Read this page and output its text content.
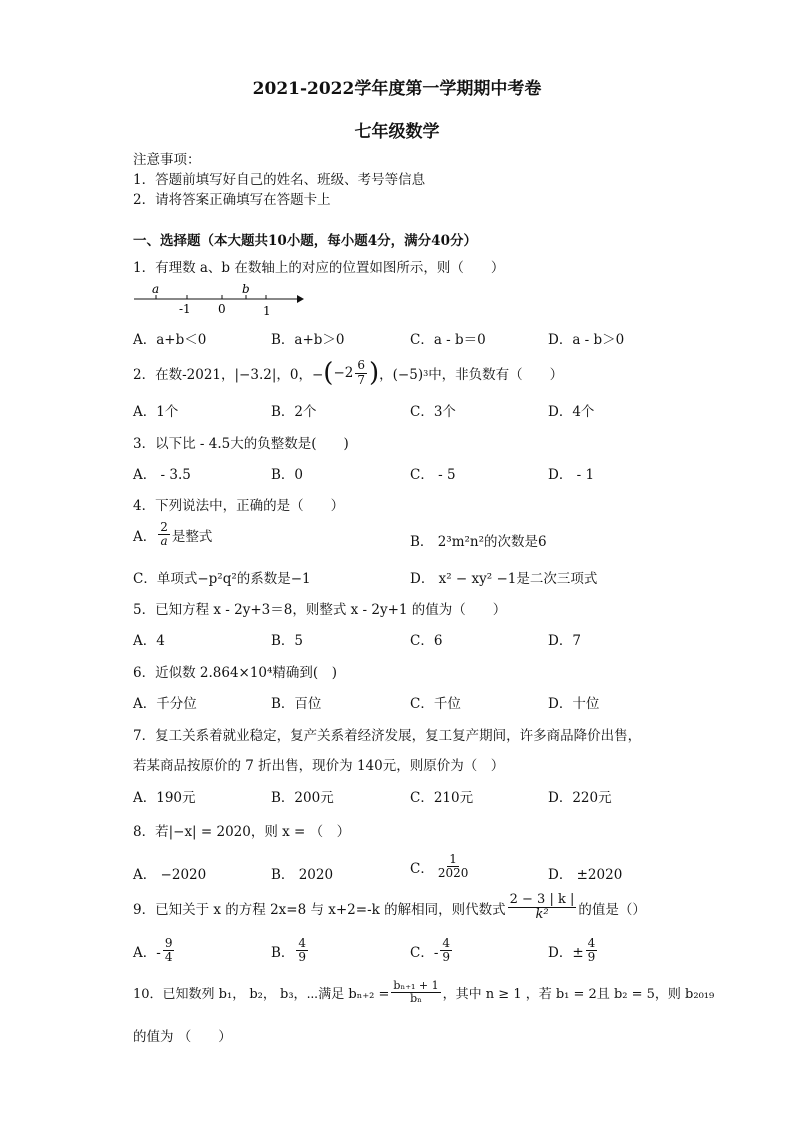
2021-2022学年度第一学期期中考卷
七年级数学
注意事项：
1．答题前填写好自己的姓名、班级、考号等信息
2．请将答案正确填写在答题卡上
一、选择题（本大题共10小题，每小题4分，满分40分）
1．有理数 a、b 在数轴上的对应的位置如图所示，则（　　）
a	b
-1 0	1
A．a+b＜0	B．a+b＞0	C．a - b＝0	D．a - b＞0
2．在数-2021，|−3.2|，0，− ( $-2 \frac{6}{7}$ ) ，(−5) 3 中，非负数有（　　）
A．1个	B．2个	C．3个	D．4个
3．以下比 - 4.5大的负整数是(　　)
A． - 3.5	B．0	C． - 5	D． - 1
4．下列说法中，正确的是（　　）
A． $\frac{2}{a}$ 是整式	B． 2³m²n²的次数是6
C．单项式−p²q²的系数是−1	D． x² − xy² −1是二次三项式
5．已知方程 x - 2y+3＝8，则整式 x - 2y+1 的值为（　　）
A．4	B．5	C．6	D．7
6．近似数 2.864×10⁴精确到(　)
A．千分位	B．百位	C．千位	D．十位
7．复工关系着就业稳定，复产关系着经济发展，复工复产期间，许多商品降价出售，
若某商品按原价的 7 折出售，现价为 140元，则原价为（　）
A．190元	B．200元	C．210元	D．220元
8．若|−x| = 2020，则 x = （　）
A． −2020	B． 2020	C． $\frac{1}{2020}$	D． ±2020
9．已知关于 x 的方程 2x=8 与 x+2=-k 的解相同，则代数式 $\frac{2 - 3 | k |}{\text{k²}}$ 的值是（）
A．- $\frac{9}{4}$	B． $\frac{4}{9}$	C．- $\frac{4}{9}$	D．± $\frac{4}{9}$
10．已知数列 b₁， b₂， b₃，⋯满足 $b_{n+2} = \frac{\text{bₙ₊₁ + 1}}{\text{bₙ}}$ ，其中 n ≥ 1 ，若 b₁ = 2且 b₂ = 5，则 b₂₀₁₉
的值为 （　　）
